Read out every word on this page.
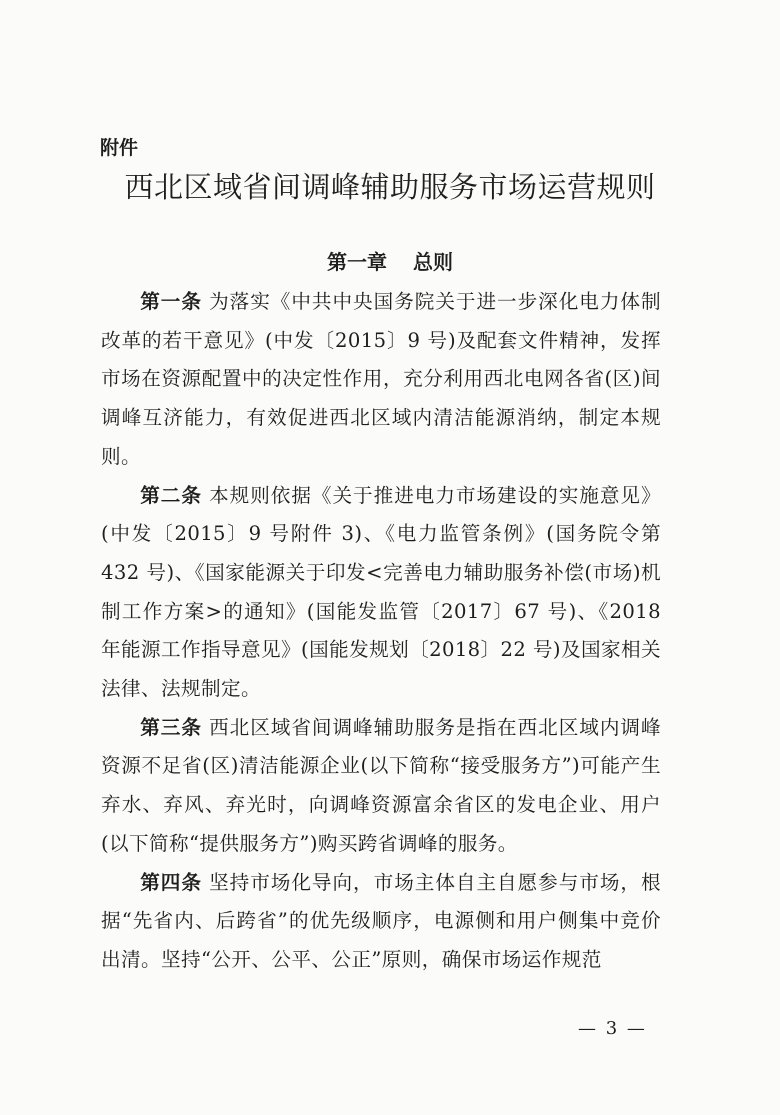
附件
西北区域省间调峰辅助服务市场运营规则
第一章 总则

第一条 为落实《中共中央国务院关于进一步深化电力体制改革的若干意见》(中发〔2015〕9 号)及配套文件精神，发挥市场在资源配置中的决定性作用，充分利用西北电网各省(区)间调峰互济能力，有效促进西北区域内清洁能源消纳，制定本规则。

第二条 本规则依据《关于推进电力市场建设的实施意见》(中发〔2015〕9 号附件 3)、《电力监管条例》(国务院令第 432 号)、《国家能源关于印发<完善电力辅助服务补偿(市场)机制工作方案>的通知》(国能发监管〔2017〕67 号)、《2018 年能源工作指导意见》(国能发规划〔2018〕22 号)及国家相关法律、法规制定。

第三条 西北区域省间调峰辅助服务是指在西北区域内调峰资源不足省(区)清洁能源企业(以下简称“接受服务方”)可能产生弃水、弃风、弃光时，向调峰资源富余省区的发电企业、用户(以下简称“提供服务方”)购买跨省调峰的服务。

第四条 坚持市场化导向，市场主体自主自愿参与市场，根据“先省内、后跨省”的优先级顺序，电源侧和用户侧集中竞价出清。坚持“公开、公平、公正”原则，确保市场运作规范

— 3 —
